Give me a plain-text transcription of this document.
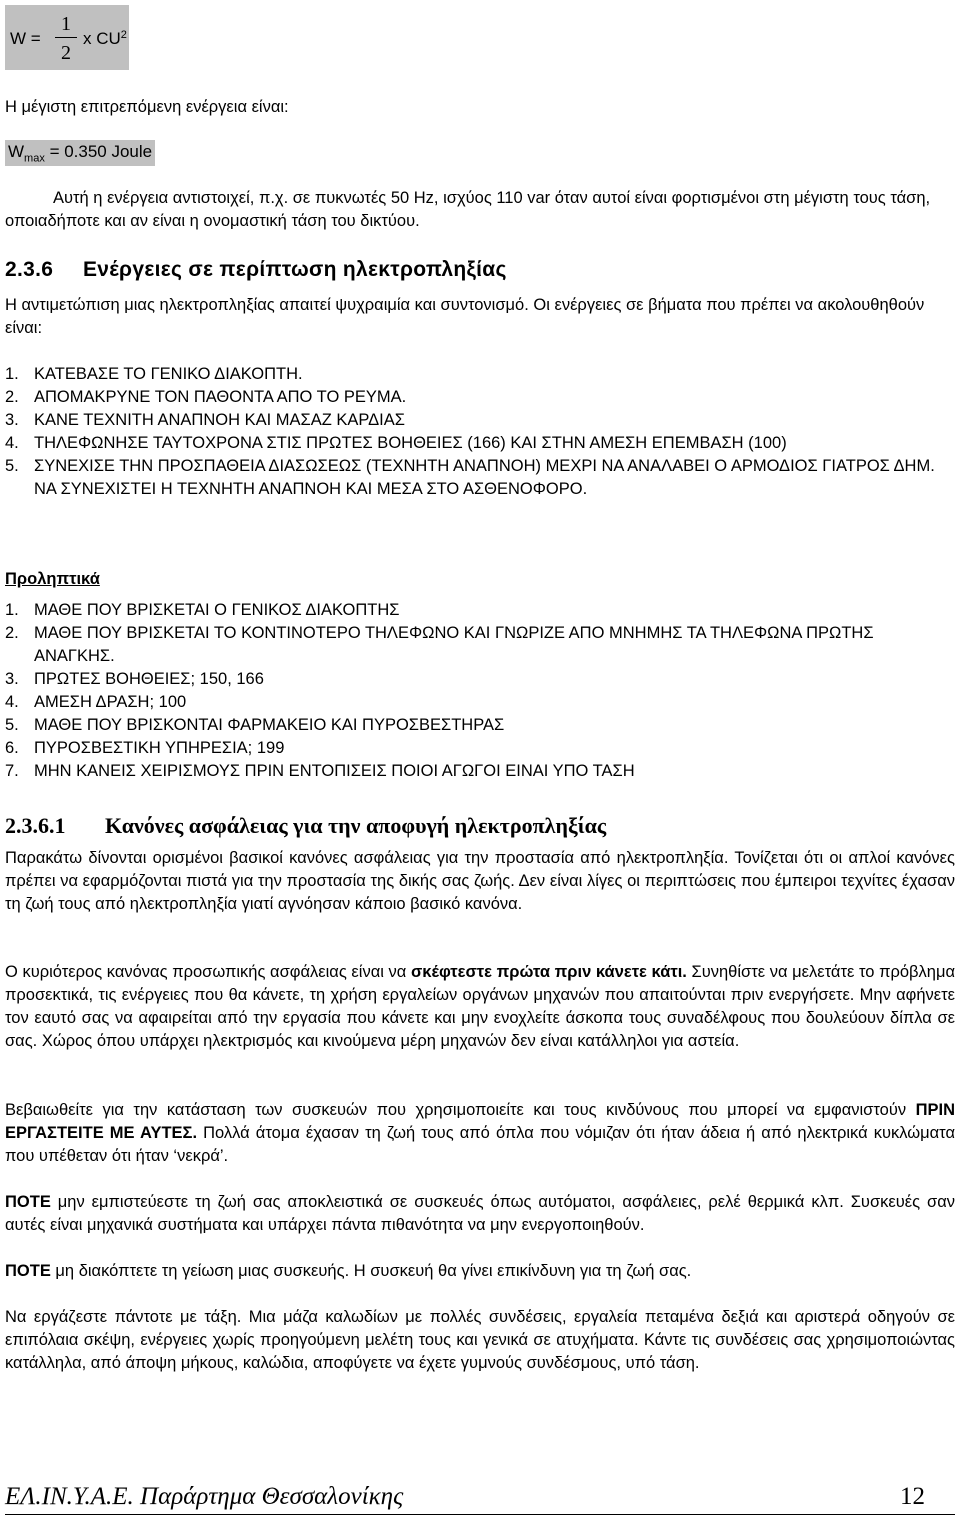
W =
1
2
x $CU^2$
Η μέγιστη επιτρεπόμενη ενέργεια είναι:
$W_{max} = 0.350$ Joule
Αυτή η ενέργεια αντιστοιχεί, π.χ. σε πυκνωτές 50 Hz, ισχύος 110 var όταν αυτοί είναι φορτισμένοι στη μέγιστη τους τάση, οποιαδήποτε και αν είναι η ονομαστική τάση του δικτύου.
2.3.6 Ενέργειες σε περίπτωση ηλεκτροπληξίας
Η αντιμετώπιση μιας ηλεκτροπληξίας απαιτεί ψυχραιμία και συντονισμό. Οι ενέργειες σε βήματα που πρέπει να ακολουθηθούν είναι:
1. ΚΑΤΕΒΑΣΕ ΤΟ ΓΕΝΙΚΟ ΔΙΑΚΟΠΤΗ.
2. ΑΠΟΜΑΚΡΥΝΕ ΤΟΝ ΠΑΘΟΝΤΑ ΑΠΟ ΤΟ ΡΕΥΜΑ.
3. ΚΑΝΕ ΤΕΧΝΙΤΗ ΑΝΑΠΝΟΗ ΚΑΙ ΜΑΣΑΖ ΚΑΡΔΙΑΣ
4. ΤΗΛΕΦΩΝΗΣΕ ΤΑΥΤΟΧΡΟΝΑ ΣΤΙΣ ΠΡΩΤΕΣ ΒΟΗΘΕΙΕΣ (166) ΚΑΙ ΣΤΗΝ ΑΜΕΣΗ ΕΠΕΜΒΑΣΗ (100)
5. ΣΥΝΕΧΙΣΕ ΤΗΝ ΠΡΟΣΠΑΘΕΙΑ ΔΙΑΣΩΣΕΩΣ (ΤΕΧΝΗΤΗ ΑΝΑΠΝΟΗ) ΜΕΧΡΙ ΝΑ ΑΝΑΛΑΒΕΙ Ο ΑΡΜΟΔΙΟΣ ΓΙΑΤΡΟΣ ΔΗΜ. ΝΑ ΣΥΝΕΧΙΣΤΕΙ Η ΤΕΧΝΗΤΗ ΑΝΑΠΝΟΗ ΚΑΙ ΜΕΣΑ ΣΤΟ ΑΣΘΕΝΟΦΟΡΟ.
Προληπτικά
1. ΜΑΘΕ ΠΟΥ ΒΡΙΣΚΕΤΑΙ Ο ΓΕΝΙΚΟΣ ΔΙΑΚΟΠΤΗΣ
2. ΜΑΘΕ ΠΟΥ ΒΡΙΣΚΕΤΑΙ ΤΟ ΚΟΝΤΙΝΟΤΕΡΟ ΤΗΛΕΦΩΝΟ ΚΑΙ ΓΝΩΡΙΖΕ ΑΠΟ ΜΝΗΜΗΣ ΤΑ ΤΗΛΕΦΩΝΑ ΠΡΩΤΗΣ ΑΝΑΓΚΗΣ.
3. ΠΡΩΤΕΣ ΒΟΗΘΕΙΕΣ; 150, 166
4. ΑΜΕΣΗ ΔΡΑΣΗ; 100
5. ΜΑΘΕ ΠΟΥ ΒΡΙΣΚΟΝΤΑΙ ΦΑΡΜΑΚΕΙΟ ΚΑΙ ΠΥΡΟΣΒΕΣΤΗΡΑΣ
6. ΠΥΡΟΣΒΕΣΤΙΚΗ ΥΠΗΡΕΣΙΑ; 199
7. ΜΗΝ ΚΑΝΕΙΣ ΧΕΙΡΙΣΜΟΥΣ ΠΡΙΝ ΕΝΤΟΠΙΣΕΙΣ ΠΟΙΟΙ ΑΓΩΓΟΙ ΕΙΝΑΙ ΥΠΟ ΤΑΣΗ
2.3.6.1 Κανόνες ασφάλειας για την αποφυγή ηλεκτροπληξίας
Παρακάτω δίνονται ορισμένοι βασικοί κανόνες ασφάλειας για την προστασία από ηλεκτροπληξία. Τονίζεται ότι οι απλοί κανόνες πρέπει να εφαρμόζονται πιστά για την προστασία της δικής σας ζωής. Δεν είναι λίγες οι περιπτώσεις που έμπειροι τεχνίτες έχασαν τη ζωή τους από ηλεκτροπληξία γιατί αγνόησαν κάποιο βασικό κανόνα.
Ο κυριότερος κανόνας προσωπικής ασφάλειας είναι να σκέφτεστε πρώτα πριν κάνετε κάτι. Συνηθίστε να μελετάτε το πρόβλημα προσεκτικά, τις ενέργειες που θα κάνετε, τη χρήση εργαλείων οργάνων μηχανών που απαιτούνται πριν ενεργήσετε. Μην αφήνετε τον εαυτό σας να αφαιρείται από την εργασία που κάνετε και μην ενοχλείτε άσκοπα τους συναδέλφους που δουλεύουν δίπλα σε σας. Χώρος όπου υπάρχει ηλεκτρισμός και κινούμενα μέρη μηχανών δεν είναι κατάλληλοι για αστεία.
Βεβαιωθείτε για την κατάσταση των συσκευών που χρησιμοποιείτε και τους κινδύνους που μπορεί να εμφανιστούν ΠΡΙΝ ΕΡΓΑΣΤΕΙΤΕ ΜΕ ΑΥΤΕΣ. Πολλά άτομα έχασαν τη ζωή τους από όπλα που νόμιζαν ότι ήταν άδεια ή από ηλεκτρικά κυκλώματα που υπέθεταν ότι ήταν ‘νεκρά’.
ΠΟΤΕ μην εμπιστεύεστε τη ζωή σας αποκλειστικά σε συσκευές όπως αυτόματοι, ασφάλειες, ρελέ θερμικά κλπ. Συσκευές σαν αυτές είναι μηχανικά συστήματα και υπάρχει πάντα πιθανότητα να μην ενεργοποιηθούν.
ΠΟΤΕ μη διακόπτετε τη γείωση μιας συσκευής. Η συσκευή θα γίνει επικίνδυνη για τη ζωή σας.
Να εργάζεστε πάντοτε με τάξη. Μια μάζα καλωδίων με πολλές συνδέσεις, εργαλεία πεταμένα δεξιά και αριστερά οδηγούν σε επιπόλαια σκέψη, ενέργειες χωρίς προηγούμενη μελέτη τους και γενικά σε ατυχήματα. Κάντε τις συνδέσεις σας χρησιμοποιώντας κατάλληλα, από άποψη μήκους, καλώδια, αποφύγετε να έχετε γυμνούς συνδέσμους, υπό τάση.
ΕΛ.ΙΝ.Υ.Α.Ε. Παράρτημα Θεσσαλονίκης	12
